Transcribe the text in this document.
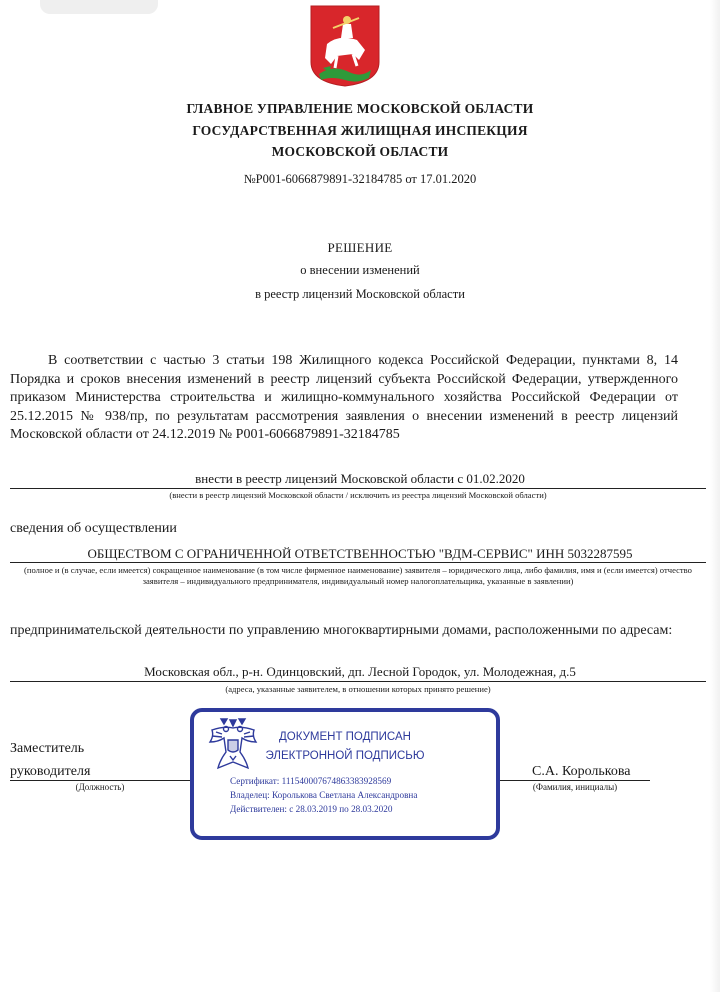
ГЛАВНОЕ УПРАВЛЕНИЕ МОСКОВСКОЙ ОБЛАСТИ
ГОСУДАРСТВЕННАЯ ЖИЛИЩНАЯ ИНСПЕКЦИЯ
МОСКОВСКОЙ ОБЛАСТИ
№Р001-6066879891-32184785 от 17.01.2020
РЕШЕНИЕ
о внесении изменений
в реестр лицензий Московской области
В соответствии с частью 3 статьи 198 Жилищного кодекса Российской Федерации, пунктами 8, 14 Порядка и сроков внесения изменений в реестр лицензий субъекта Российской Федерации, утвержденного приказом Министерства строительства и жилищно-коммунального хозяйства Российской Федерации от 25.12.2015 № 938/пр, по результатам рассмотрения заявления о внесении изменений в реестр лицензий Московской области от 24.12.2019 № Р001-6066879891-32184785
внести в реестр лицензий Московской области с 01.02.2020
(внести в реестр лицензий Московской области / исключить из реестра лицензий Московской области)
сведения об осуществлении
ОБЩЕСТВОМ С ОГРАНИЧЕННОЙ ОТВЕТСТВЕННОСТЬЮ "ВДМ-СЕРВИС" ИНН 5032287595
(полное и (в случае, если имеется) сокращенное наименование (в том числе фирменное наименование) заявителя – юридического лица, либо фамилия, имя и (если имеется) отчество заявителя – индивидуального предпринимателя, индивидуальный номер налогоплательщика, указанные в заявлении)
предпринимательской деятельности по управлению многоквартирными домами, расположенными по адресам:
Московская обл., р-н. Одинцовский, дп. Лесной Городок, ул. Молодежная, д.5
(адреса, указанные заявителем, в отношении которых принято решение)
Заместитель
руководителя
(Должность)
С.А. Королькова
(Фамилия, инициалы)
ДОКУМЕНТ ПОДПИСАН
ЭЛЕКТРОННОЙ ПОДПИСЬЮ
Сертификат: 1115400076748633839285​69
Владелец: Королькова Светлана Александровна
Действителен: с 28.03.2019 по 28.03.2020
